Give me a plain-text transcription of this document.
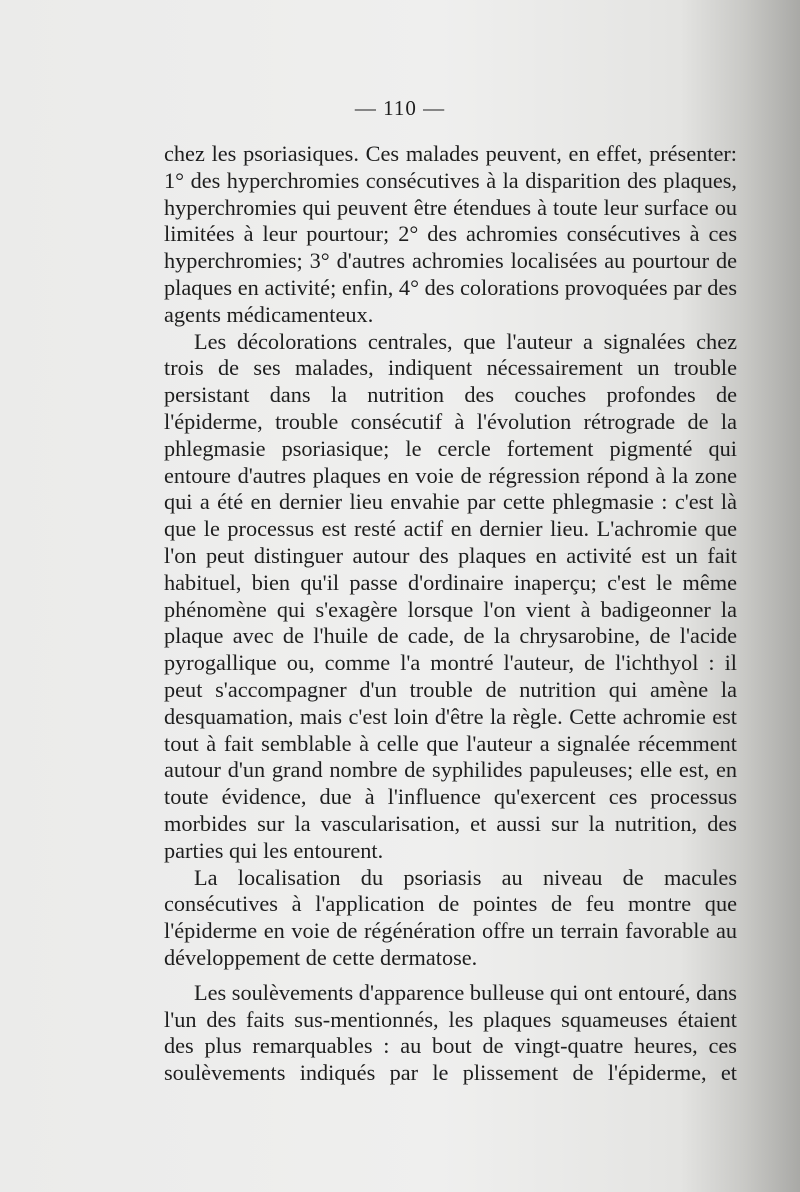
— 110 —

chez les psoriasiques. Ces malades peuvent, en effet, présenter: 1° des hyperchromies consécutives à la disparition des plaques, hyperchromies qui peuvent être étendues à toute leur surface ou limitées à leur pourtour; 2° des achromies consécutives à ces hyperchromies; 3° d'autres achromies localisées au pourtour de plaques en activité; enfin, 4° des colorations provoquées par des agents médicamenteux.

Les décolorations centrales, que l'auteur a signalées chez trois de ses malades, indiquent nécessairement un trouble persistant dans la nutrition des couches profondes de l'épiderme, trouble consécutif à l'évolution rétrograde de la phlegmasie psoriasique; le cercle fortement pigmenté qui entoure d'autres plaques en voie de régression répond à la zone qui a été en dernier lieu envahie par cette phlegmasie : c'est là que le processus est resté actif en dernier lieu. L'achromie que l'on peut distinguer autour des plaques en activité est un fait habituel, bien qu'il passe d'ordinaire inaperçu; c'est le même phénomène qui s'exagère lorsque l'on vient à badigeonner la plaque avec de l'huile de cade, de la chrysarobine, de l'acide pyrogallique ou, comme l'a montré l'auteur, de l'ichthyol : il peut s'accompagner d'un trouble de nutrition qui amène la desquamation, mais c'est loin d'être la règle. Cette achromie est tout à fait semblable à celle que l'auteur a signalée récemment autour d'un grand nombre de syphilides papuleuses; elle est, en toute évidence, due à l'influence qu'exercent ces processus morbides sur la vascularisation, et aussi sur la nutrition, des parties qui les entourent.

La localisation du psoriasis au niveau de macules consécutives à l'application de pointes de feu montre que l'épiderme en voie de régénération offre un terrain favorable au développement de cette dermatose.

Les soulèvements d'apparence bulleuse qui ont entouré, dans l'un des faits sus-mentionnés, les plaques squameuses étaient des plus remarquables : au bout de vingt-quatre heures, ces soulèvements indiqués par le plissement de l'épiderme, et
